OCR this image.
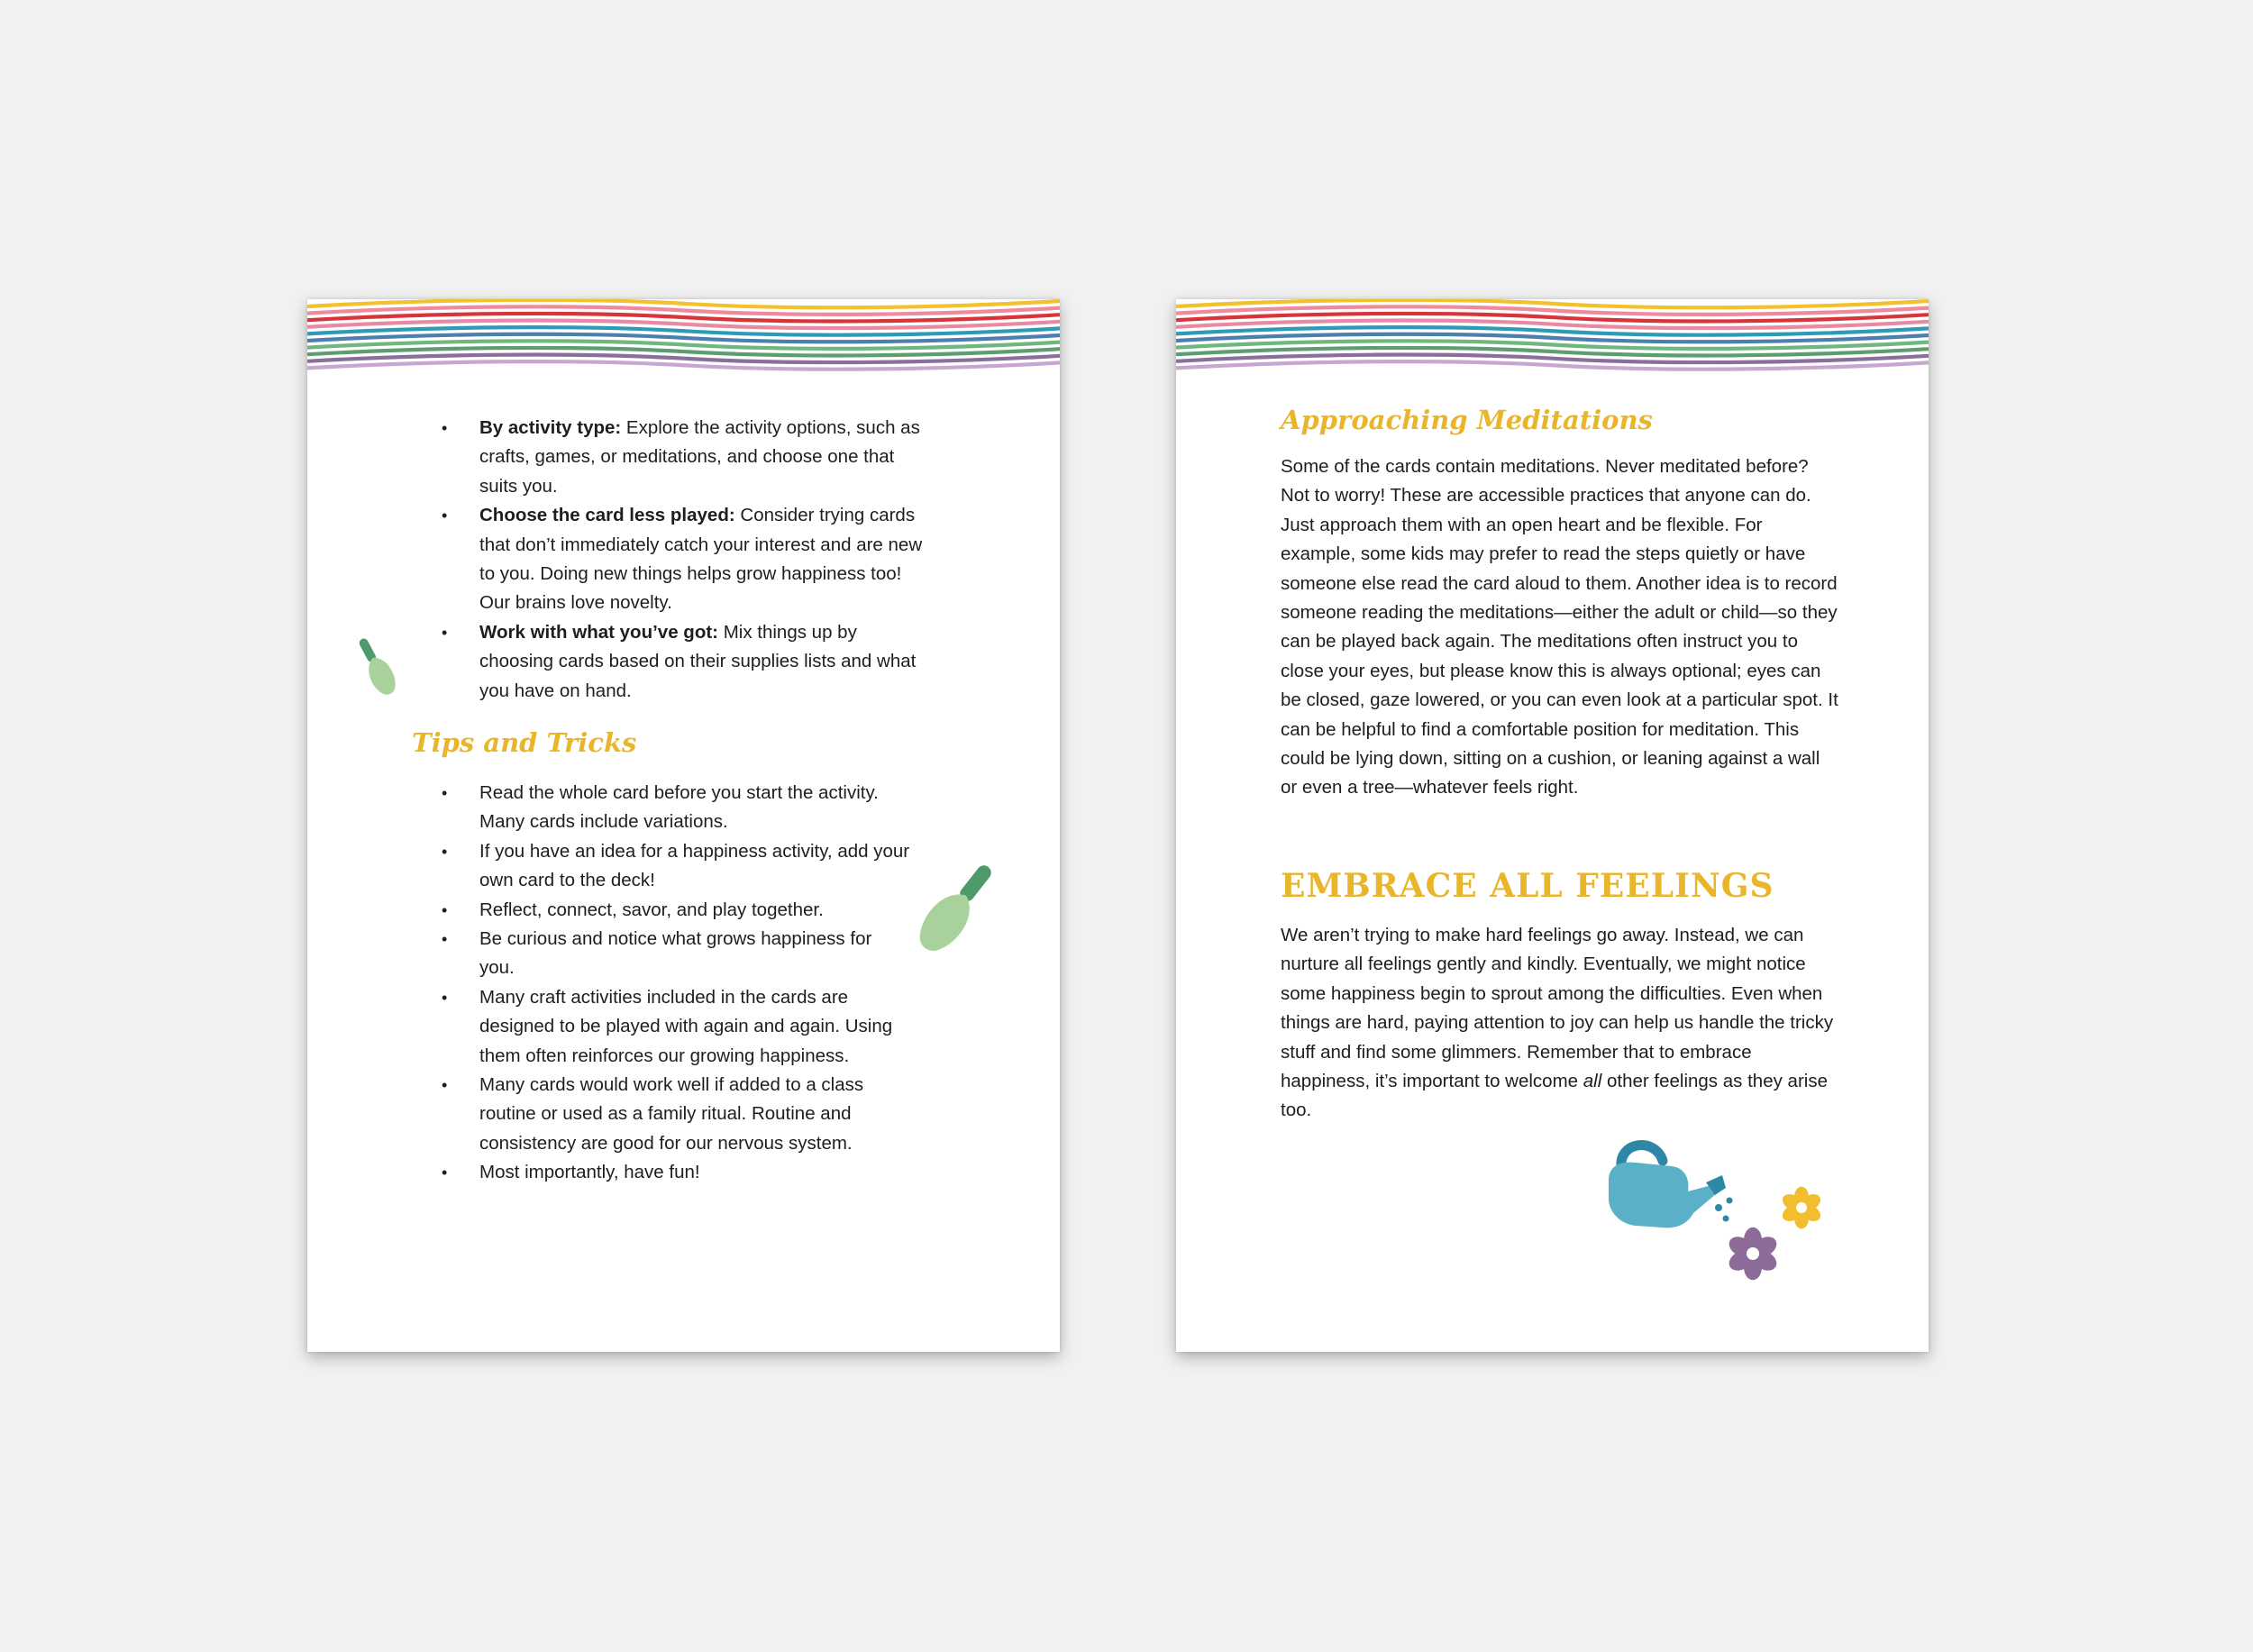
• By activity type: Explore the activity options, such as crafts, games, or meditations, and choose one that suits you.
• Choose the card less played: Consider trying cards that don’t immediately catch your interest and are new to you. Doing new things helps grow happiness too! Our brains love novelty.
• Work with what you’ve got: Mix things up by choosing cards based on their supplies lists and what you have on hand.
Tips and Tricks
• Read the whole card before you start the activity. Many cards include variations.
• If you have an idea for a happiness activity, add your own card to the deck!
• Reflect, connect, savor, and play together.
• Be curious and notice what grows happiness for you.
• Many craft activities included in the cards are designed to be played with again and again. Using them often reinforces our growing happiness.
• Many cards would work well if added to a class routine or used as a family ritual. Routine and consistency are good for our nervous system.
• Most importantly, have fun!
Approaching Meditations

Some of the cards contain meditations. Never meditated before? Not to worry! These are accessible practices that anyone can do. Just approach them with an open heart and be flexible. For example, some kids may prefer to read the steps quietly or have someone else read the card aloud to them. Another idea is to record someone reading the meditations—either the adult or child—so they can be played back again. The meditations often instruct you to close your eyes, but please know this is always optional; eyes can be closed, gaze lowered, or you can even look at a particular spot. It can be helpful to find a comfortable position for meditation. This could be lying down, sitting on a cushion, or leaning against a wall or even a tree—whatever feels right.

EMBRACE ALL FEELINGS

We aren’t trying to make hard feelings go away. Instead, we can nurture all feelings gently and kindly. Eventually, we might notice some happiness begin to sprout among the difficulties. Even when things are hard, paying attention to joy can help us handle the tricky stuff and find some glimmers. Remember that to embrace happiness, it’s important to welcome all other feelings as they arise too.
